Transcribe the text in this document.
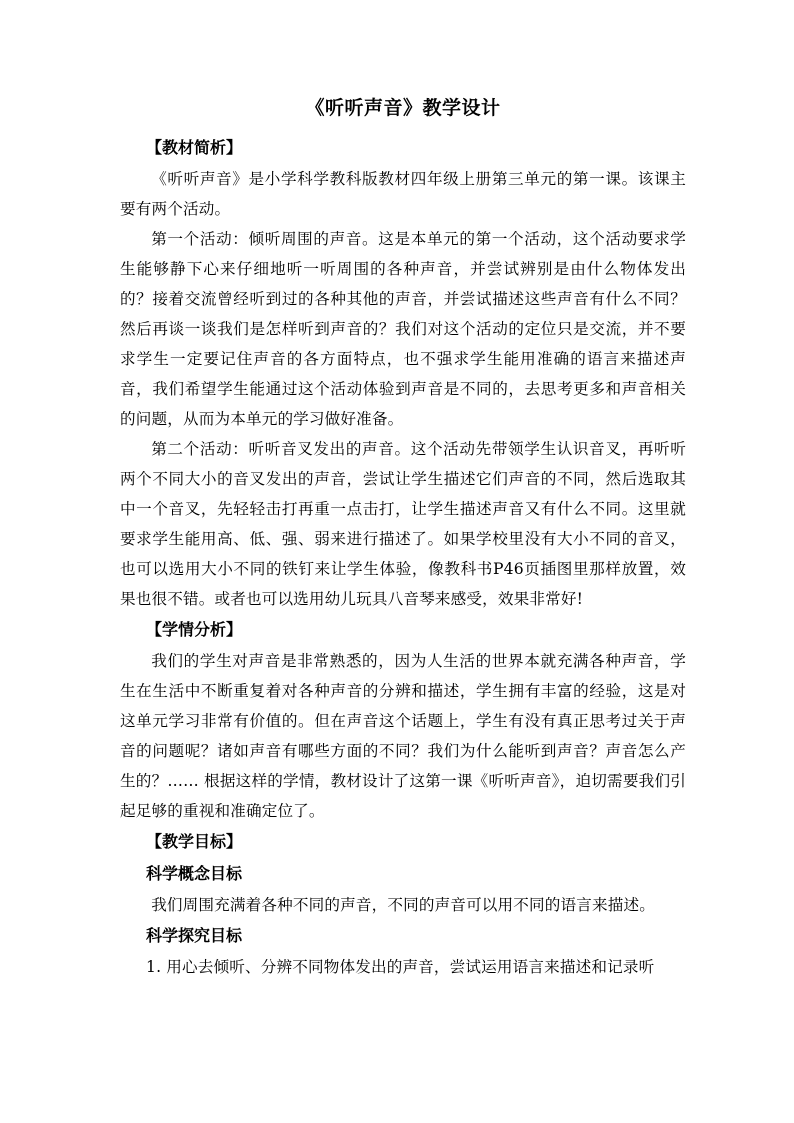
《听听声音》教学设计

【教材简析】

《听听声音》是小学科学教科版教材四年级上册第三单元的第一课。该课主要有两个活动。

第一个活动：倾听周围的声音。这是本单元的第一个活动，这个活动要求学生能够静下心来仔细地听一听周围的各种声音，并尝试辨别是由什么物体发出的？接着交流曾经听到过的各种其他的声音，并尝试描述这些声音有什么不同？然后再谈一谈我们是怎样听到声音的？我们对这个活动的定位只是交流，并不要求学生一定要记住声音的各方面特点，也不强求学生能用准确的语言来描述声音，我们希望学生能通过这个活动体验到声音是不同的，去思考更多和声音相关的问题，从而为本单元的学习做好准备。

第二个活动：听听音叉发出的声音。这个活动先带领学生认识音叉，再听听两个不同大小的音叉发出的声音，尝试让学生描述它们声音的不同，然后选取其中一个音叉，先轻轻击打再重一点击打，让学生描述声音又有什么不同。这里就要求学生能用高、低、强、弱来进行描述了。如果学校里没有大小不同的音叉，也可以选用大小不同的铁钉来让学生体验，像教科书P46页插图里那样放置，效果也很不错。或者也可以选用幼儿玩具八音琴来感受，效果非常好!

【学情分析】

我们的学生对声音是非常熟悉的，因为人生活的世界本就充满各种声音，学生在生活中不断重复着对各种声音的分辨和描述，学生拥有丰富的经验，这是对这单元学习非常有价值的。但在声音这个话题上，学生有没有真正思考过关于声音的问题呢？诸如声音有哪些方面的不同？我们为什么能听到声音？声音怎么产生的？…… 根据这样的学情，教材设计了这第一课《听听声音》，迫切需要我们引起足够的重视和准确定位了。

【教学目标】

科学概念目标

我们周围充满着各种不同的声音，不同的声音可以用不同的语言来描述。

科学探究目标

1. 用心去倾听、分辨不同物体发出的声音，尝试运用语言来描述和记录听
